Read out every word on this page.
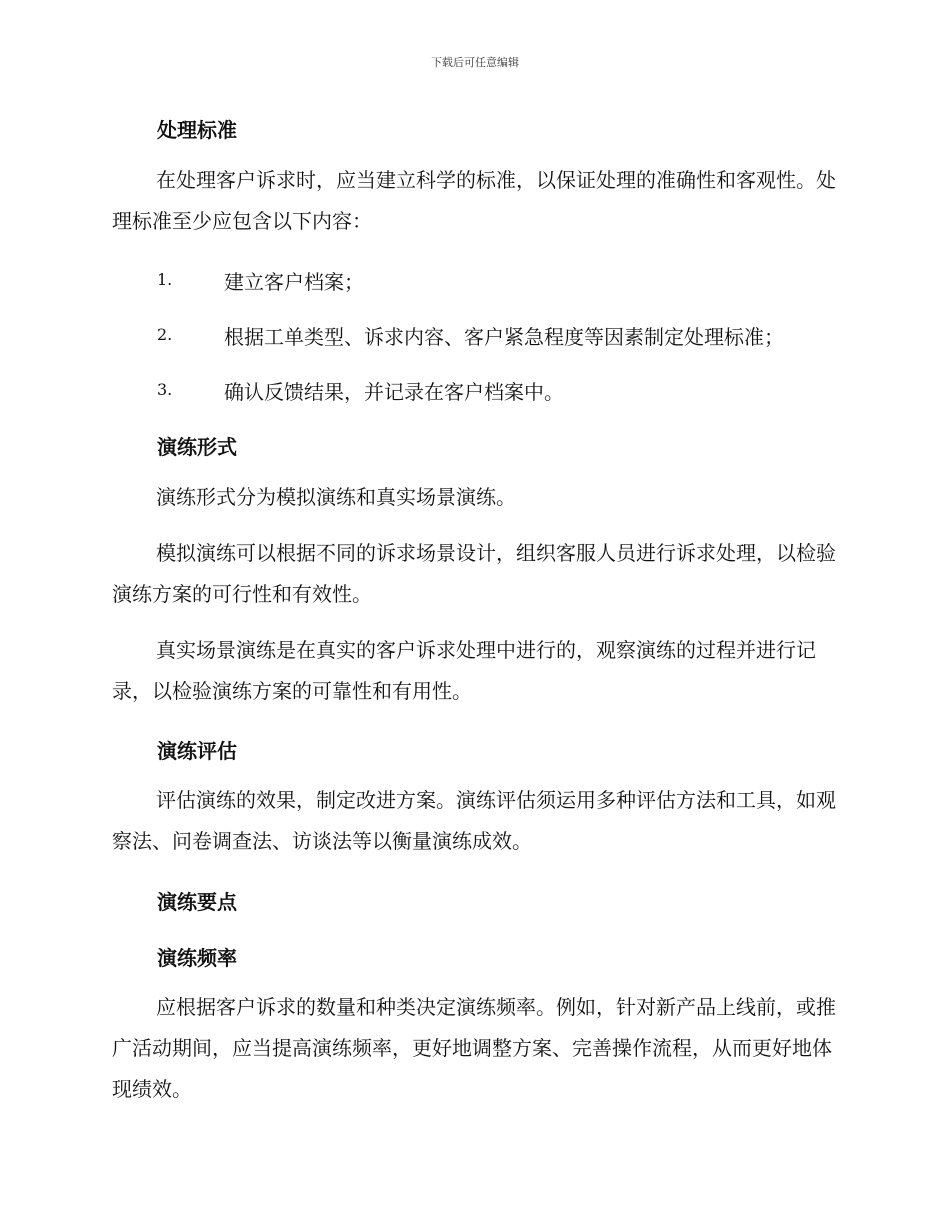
下载后可任意编辑
处理标准

在处理客户诉求时，应当建立科学的标准，以保证处理的准确性和客观性。处理标准至少应包含以下内容：

1.	建立客户档案；
2.	根据工单类型、诉求内容、客户紧急程度等因素制定处理标准；
3.	确认反馈结果，并记录在客户档案中。
演练形式

演练形式分为模拟演练和真实场景演练。

模拟演练可以根据不同的诉求场景设计，组织客服人员进行诉求处理，以检验演练方案的可行性和有效性。

真实场景演练是在真实的客户诉求处理中进行的，观察演练的过程并进行记录，以检验演练方案的可靠性和有用性。

演练评估

评估演练的效果，制定改进方案。演练评估须运用多种评估方法和工具，如观察法、问卷调查法、访谈法等以衡量演练成效。

演练要点
演练频率

应根据客户诉求的数量和种类决定演练频率。例如，针对新产品上线前，或推广活动期间，应当提高演练频率，更好地调整方案、完善操作流程，从而更好地体现绩效。
